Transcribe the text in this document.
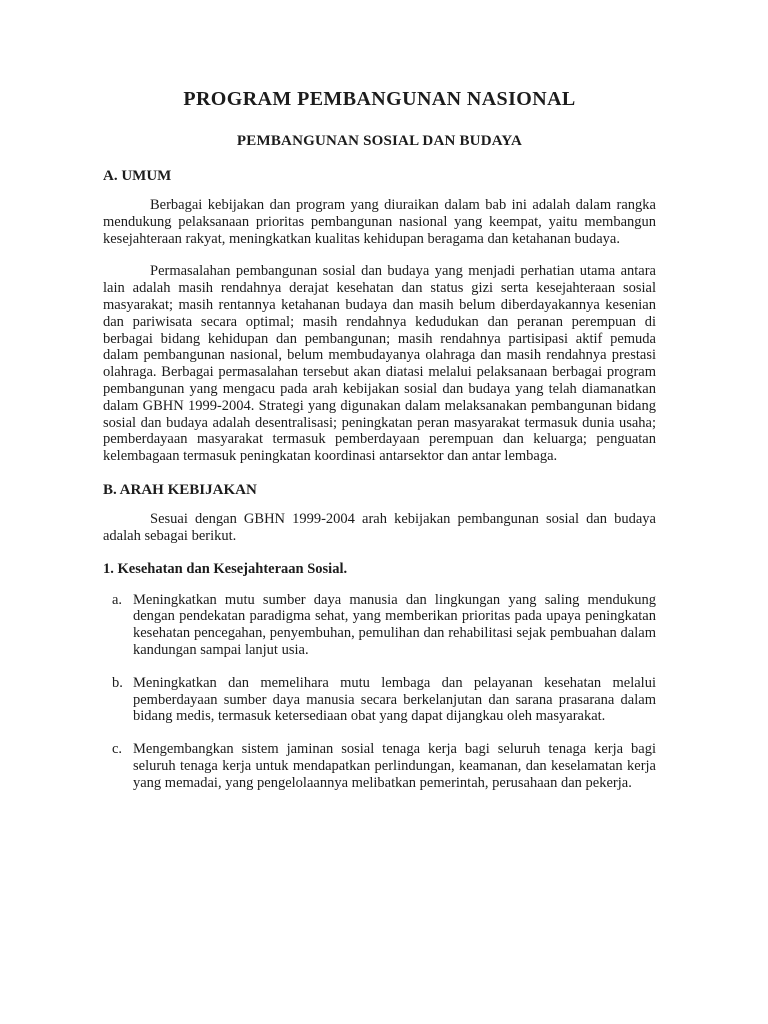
PROGRAM PEMBANGUNAN NASIONAL
PEMBANGUNAN SOSIAL DAN BUDAYA
A. UMUM

Berbagai kebijakan dan program yang diuraikan dalam bab ini adalah dalam rangka mendukung pelaksanaan prioritas pembangunan nasional yang keempat, yaitu membangun kesejahteraan rakyat, meningkatkan kualitas kehidupan beragama dan ketahanan budaya.

Permasalahan pembangunan sosial dan budaya yang menjadi perhatian utama antara lain adalah masih rendahnya derajat kesehatan dan status gizi serta kesejahteraan sosial masyarakat; masih rentannya ketahanan budaya dan masih belum diberdayakannya kesenian dan pariwisata secara optimal; masih rendahnya kedudukan dan peranan perempuan di berbagai bidang kehidupan dan pembangunan; masih rendahnya partisipasi aktif pemuda dalam pembangunan nasional, belum membudayanya olahraga dan masih rendahnya prestasi olahraga. Berbagai permasalahan tersebut akan diatasi melalui pelaksanaan berbagai program pembangunan yang mengacu pada arah kebijakan sosial dan budaya yang telah diamanatkan dalam GBHN 1999-2004. Strategi yang digunakan dalam melaksanakan pembangunan bidang sosial dan budaya adalah desentralisasi; peningkatan peran masyarakat termasuk dunia usaha; pemberdayaan masyarakat termasuk pemberdayaan perempuan dan keluarga; penguatan kelembagaan termasuk peningkatan koordinasi antarsektor dan antar lembaga.

B. ARAH KEBIJAKAN

Sesuai dengan GBHN 1999-2004 arah kebijakan pembangunan sosial dan budaya adalah sebagai berikut.

1. Kesehatan dan Kesejahteraan Sosial.
a. Meningkatkan mutu sumber daya manusia dan lingkungan yang saling mendukung dengan pendekatan paradigma sehat, yang memberikan prioritas pada upaya peningkatan kesehatan pencegahan, penyembuhan, pemulihan dan rehabilitasi sejak pembuahan dalam kandungan sampai lanjut usia.
b. Meningkatkan dan memelihara mutu lembaga dan pelayanan kesehatan melalui pemberdayaan sumber daya manusia secara berkelanjutan dan sarana prasarana dalam bidang medis, termasuk ketersediaan obat yang dapat dijangkau oleh masyarakat.
c. Mengembangkan sistem jaminan sosial tenaga kerja bagi seluruh tenaga kerja bagi seluruh tenaga kerja untuk mendapatkan perlindungan, keamanan, dan keselamatan kerja yang memadai, yang pengelolaannya melibatkan pemerintah, perusahaan dan pekerja.
